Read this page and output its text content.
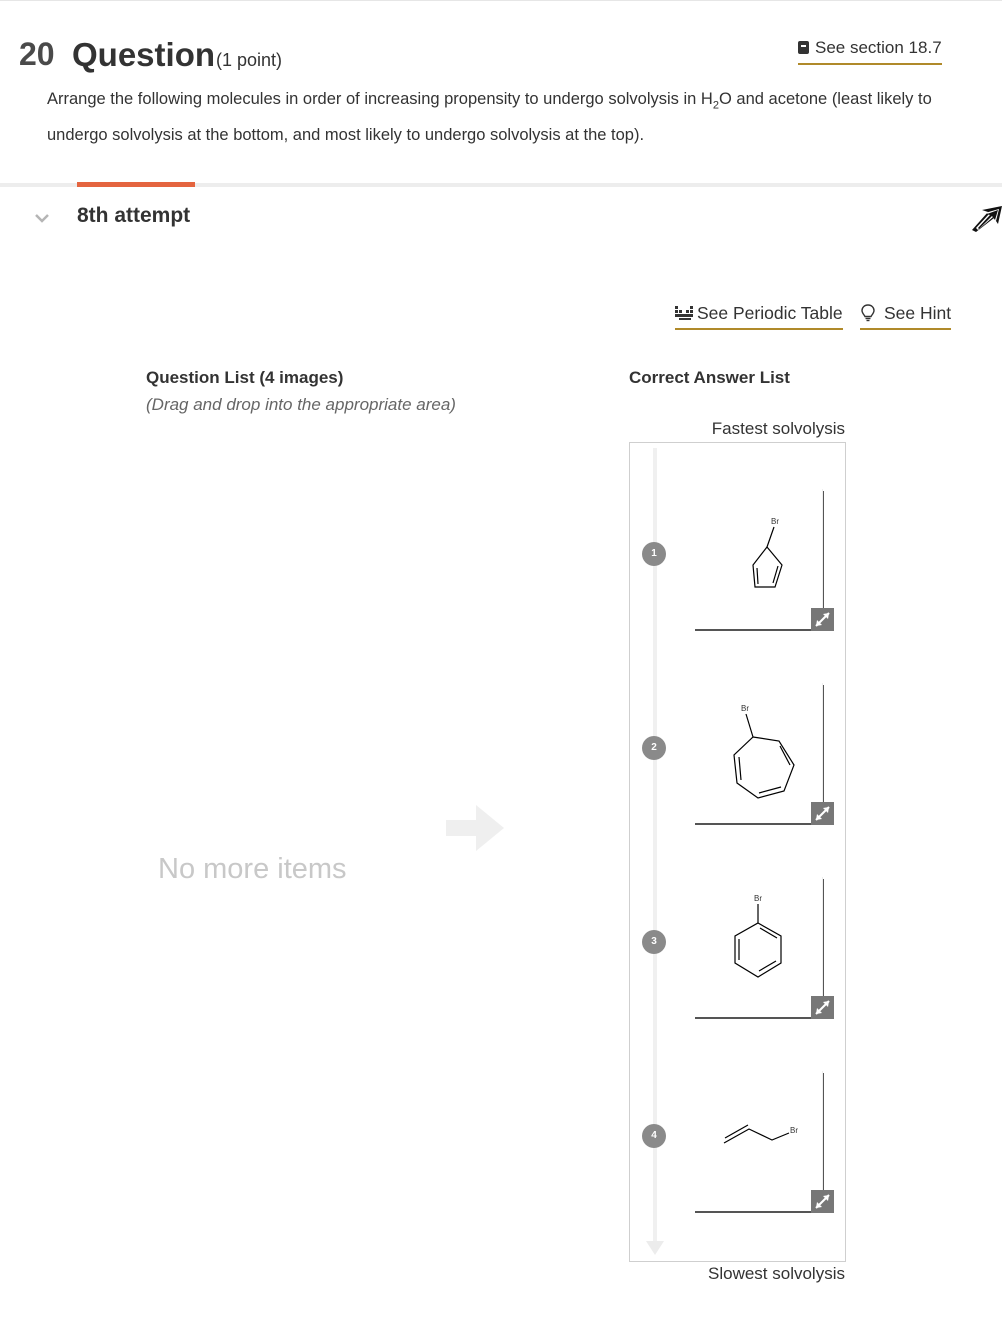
20 Question (1 point)
See section 18.7
Arrange the following molecules in order of increasing propensity to undergo solvolysis in $H_2O$ and acetone (least likely to undergo solvolysis at the bottom, and most likely to undergo solvolysis at the top).
8th attempt
See Periodic Table	See Hint
Question List (4 images)
(Drag and drop into the appropriate area)
No more items
Correct Answer List
Fastest solvolysis
1
Br
2
Br
3
Br
4	Br
Slowest solvolysis
